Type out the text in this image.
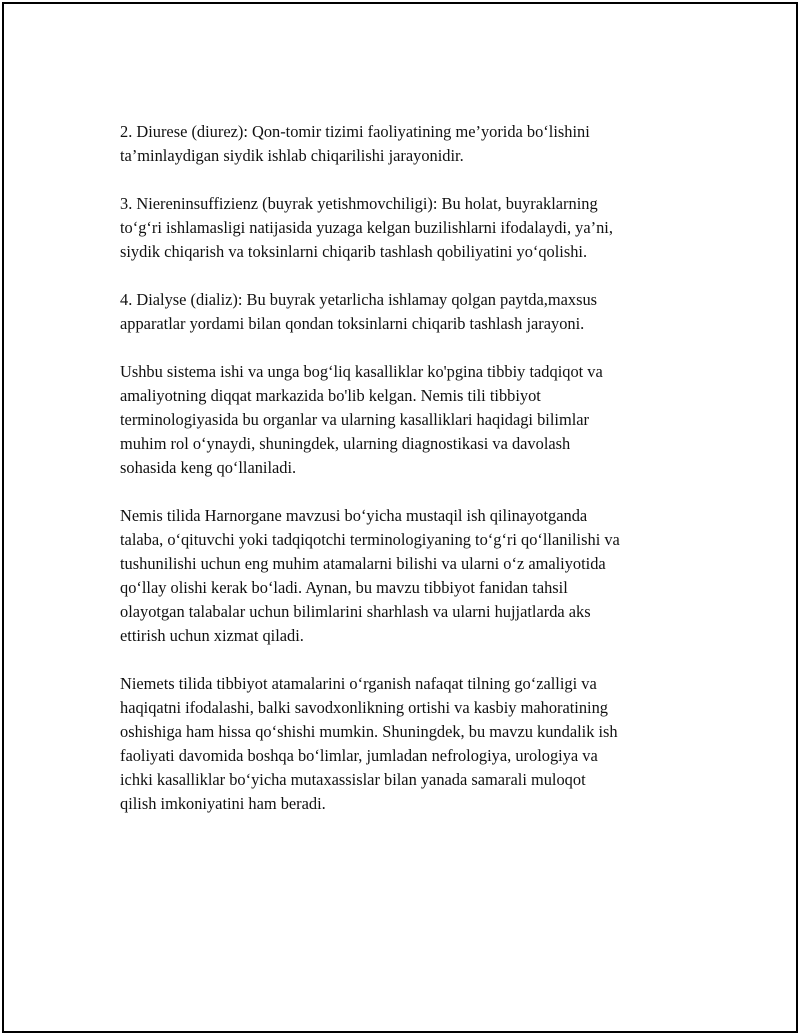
2. Diurese (diurez): Qon-tomir tizimi faoliyatining me’yorida bo‘lishini
ta’minlaydigan siydik ishlab chiqarilishi jarayonidir.

3. Niereninsuffizienz (buyrak yetishmovchiligi): Bu holat, buyraklarning
to‘g‘ri ishlamasligi natijasida yuzaga kelgan buzilishlarni ifodalaydi, ya’ni,
siydik chiqarish va toksinlarni chiqarib tashlash qobiliyatini yo‘qolishi.

4. Dialyse (dializ): Bu buyrak yetarlicha ishlamay qolgan paytda,maxsus
apparatlar yordami bilan qondan toksinlarni chiqarib tashlash jarayoni.

Ushbu sistema ishi va unga bog‘liq kasalliklar ko'pgina tibbiy tadqiqot va
amaliyotning diqqat markazida bo'lib kelgan. Nemis tili tibbiyot
terminologiyasida bu organlar va ularning kasalliklari haqidagi bilimlar
muhim rol o‘ynaydi, shuningdek, ularning diagnostikasi va davolash
sohasida keng qo‘llaniladi.

Nemis tilida Harnorgane mavzusi bo‘yicha mustaqil ish qilinayotganda
talaba, o‘qituvchi yoki tadqiqotchi terminologiyaning to‘g‘ri qo‘llanilishi va
tushunilishi uchun eng muhim atamalarni bilishi va ularni o‘z amaliyotida
qo‘llay olishi kerak bo‘ladi. Aynan, bu mavzu tibbiyot fanidan tahsil
olayotgan talabalar uchun bilimlarini sharhlash va ularni hujjatlarda aks
ettirish uchun xizmat qiladi.

Niemets tilida tibbiyot atamalarini o‘rganish nafaqat tilning go‘zalligi va
haqiqatni ifodalashi, balki savodxonlikning ortishi va kasbiy mahoratining
oshishiga ham hissa qo‘shishi mumkin. Shuningdek, bu mavzu kundalik ish
faoliyati davomida boshqa bo‘limlar, jumladan nefrologiya, urologiya va
ichki kasalliklar bo‘yicha mutaxassislar bilan yanada samarali muloqot
qilish imkoniyatini ham beradi.
